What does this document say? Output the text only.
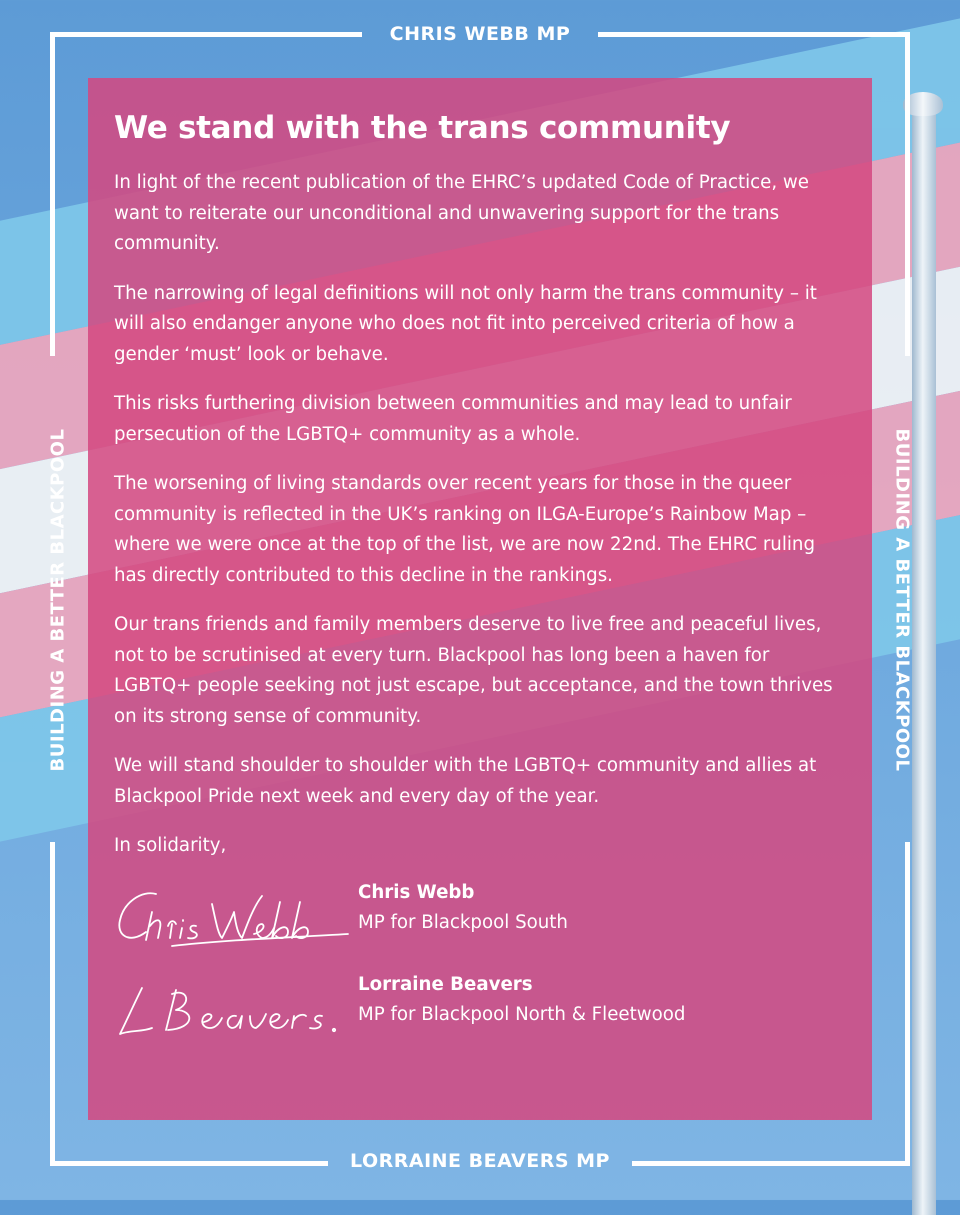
CHRIS WEBB MP
LORRAINE BEAVERS MP
BUILDING A BETTER BLACKPOOL	BUILDING A BETTER BLACKPOOL
We stand with the trans community

In light of the recent publication of the EHRC’s updated Code of Practice, we want to reiterate our unconditional and unwavering support for the trans community.

The narrowing of legal definitions will not only harm the trans community – it will also endanger anyone who does not fit into perceived criteria of how a gender ‘must’ look or behave.

This risks furthering division between communities and may lead to unfair persecution of the LGBTQ+ community as a whole.

The worsening of living standards over recent years for those in the queer community is reflected in the UK’s ranking on ILGA-Europe’s Rainbow Map – where we were once at the top of the list, we are now 22nd. The EHRC ruling has directly contributed to this decline in the rankings.

Our trans friends and family members deserve to live free and peaceful lives, not to be scrutinised at every turn. Blackpool has long been a haven for LGBTQ+ people seeking not just escape, but acceptance, and the town thrives on its strong sense of community.

We will stand shoulder to shoulder with the LGBTQ+ community and allies at Blackpool Pride next week and every day of the year.

In solidarity,

Chris Webb
MP for Blackpool South
Lorraine Beavers
MP for Blackpool North & Fleetwood
